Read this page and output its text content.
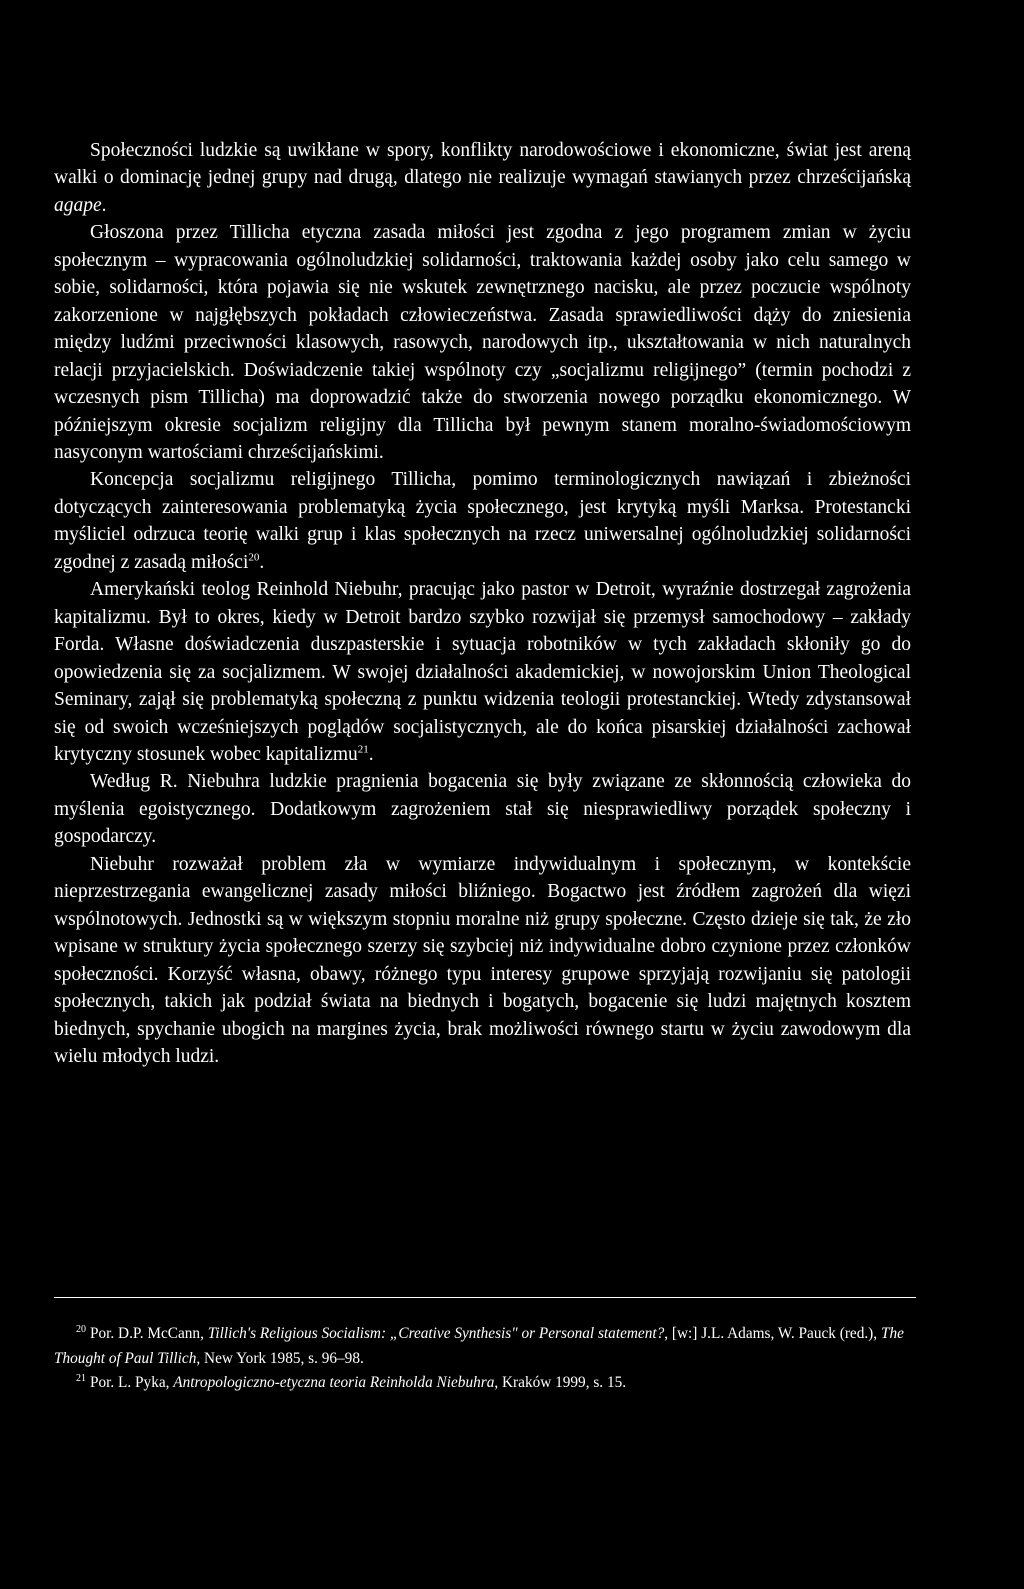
Społeczności ludzkie są uwikłane w spory, konflikty narodowościowe i ekonomiczne, świat jest areną walki o dominację jednej grupy nad drugą, dlatego nie realizuje wymagań stawianych przez chrześcijańską agape.

Głoszona przez Tillicha etyczna zasada miłości jest zgodna z jego programem zmian w życiu społecznym – wypracowania ogólnoludzkiej solidarności, traktowania każdej osoby jako celu samego w sobie, solidarności, która pojawia się nie wskutek zewnętrznego nacisku, ale przez poczucie wspólnoty zakorzenione w najgłębszych pokładach człowieczeństwa. Zasada sprawiedliwości dąży do zniesienia między ludźmi przeciwności klasowych, rasowych, narodowych itp., ukształtowania w nich naturalnych relacji przyjacielskich. Doświadczenie takiej wspólnoty czy „socjalizmu religijnego” (termin pochodzi z wczesnych pism Tillicha) ma doprowadzić także do stworzenia nowego porządku ekonomicznego. W późniejszym okresie socjalizm religijny dla Tillicha był pewnym stanem moralno-świadomościowym nasyconym wartościami chrześcijańskimi.

Koncepcja socjalizmu religijnego Tillicha, pomimo terminologicznych nawiązań i zbieżności dotyczących zainteresowania problematyką życia społecznego, jest krytyką myśli Marksa. Protestancki myśliciel odrzuca teorię walki grup i klas społecznych na rzecz uniwersalnej ogólnoludzkiej solidarności zgodnej z zasadą miłości$^{20}$.

Amerykański teolog Reinhold Niebuhr, pracując jako pastor w Detroit, wyraźnie dostrzegał zagrożenia kapitalizmu. Był to okres, kiedy w Detroit bardzo szybko rozwijał się przemysł samochodowy – zakłady Forda. Własne doświadczenia duszpasterskie i sytuacja robotników w tych zakładach skłoniły go do opowiedzenia się za socjalizmem. W swojej działalności akademickiej, w nowojorskim Union Theological Seminary, zajął się problematyką społeczną z punktu widzenia teologii protestanckiej. Wtedy zdystansował się od swoich wcześniejszych poglądów socjalistycznych, ale do końca pisarskiej działalności zachował krytyczny stosunek wobec kapitalizmu$^{21}$.

Według R. Niebuhra ludzkie pragnienia bogacenia się były związane ze skłonnością człowieka do myślenia egoistycznego. Dodatkowym zagrożeniem stał się niesprawiedliwy porządek społeczny i gospodarczy.

Niebuhr rozważał problem zła w wymiarze indywidualnym i społecznym, w kontekście nieprzestrzegania ewangelicznej zasady miłości bliźniego. Bogactwo jest źródłem zagrożeń dla więzi wspólnotowych. Jednostki są w większym stopniu moralne niż grupy społeczne. Często dzieje się tak, że zło wpisane w struktury życia społecznego szerzy się szybciej niż indywidualne dobro czynione przez członków społeczności. Korzyść własna, obawy, różnego typu interesy grupowe sprzyjają rozwijaniu się patologii społecznych, takich jak podział świata na biednych i bogatych, bogacenie się ludzi majętnych kosztem biednych, spychanie ubogich na margines życia, brak możliwości równego startu w życiu zawodowym dla wielu młodych ludzi.

$^{20}$ Por. D.P. McCann, Tillich's Religious Socialism: „Creative Synthesis" or Personal statement?, [w:] J.L. Adams, W. Pauck (red.), The Thought of Paul Tillich, New York 1985, s. 96–98.

$^{21}$ Por. L. Pyka, Antropologiczno-etyczna teoria Reinholda Niebuhra, Kraków 1999, s. 15.
